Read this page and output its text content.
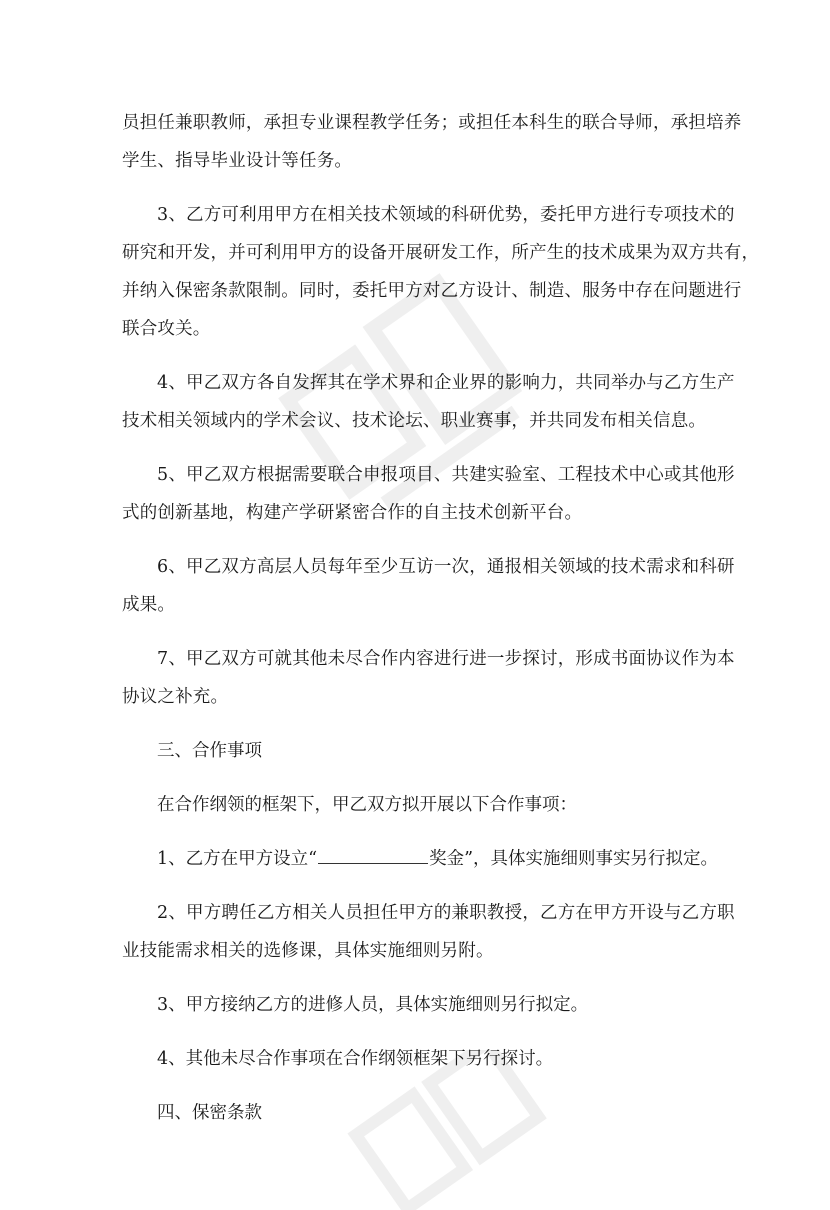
员担任兼职教师，承担专业课程教学任务；或担任本科生的联合导师，承担培养
学生、指导毕业设计等任务。

3、乙方可利用甲方在相关技术领域的科研优势，委托甲方进行专项技术的
研究和开发，并可利用甲方的设备开展研发工作，所产生的技术成果为双方共有，
并纳入保密条款限制。同时，委托甲方对乙方设计、制造、服务中存在问题进行
联合攻关。

4、甲乙双方各自发挥其在学术界和企业界的影响力，共同举办与乙方生产
技术相关领域内的学术会议、技术论坛、职业赛事，并共同发布相关信息。

5、甲乙双方根据需要联合申报项目、共建实验室、工程技术中心或其他形
式的创新基地，构建产学研紧密合作的自主技术创新平台。

6、甲乙双方高层人员每年至少互访一次，通报相关领域的技术需求和科研
成果。

7、甲乙双方可就其他未尽合作内容进行进一步探讨，形成书面协议作为本
协议之补充。

三、合作事项

在合作纲领的框架下，甲乙双方拟开展以下合作事项：

1、乙方在甲方设立“	奖金”，具体实施细则事实另行拟定。

2、甲方聘任乙方相关人员担任甲方的兼职教授，乙方在甲方开设与乙方职
业技能需求相关的选修课，具体实施细则另附。

3、甲方接纳乙方的进修人员，具体实施细则另行拟定。

4、其他未尽合作事项在合作纲领框架下另行探讨。

四、保密条款
